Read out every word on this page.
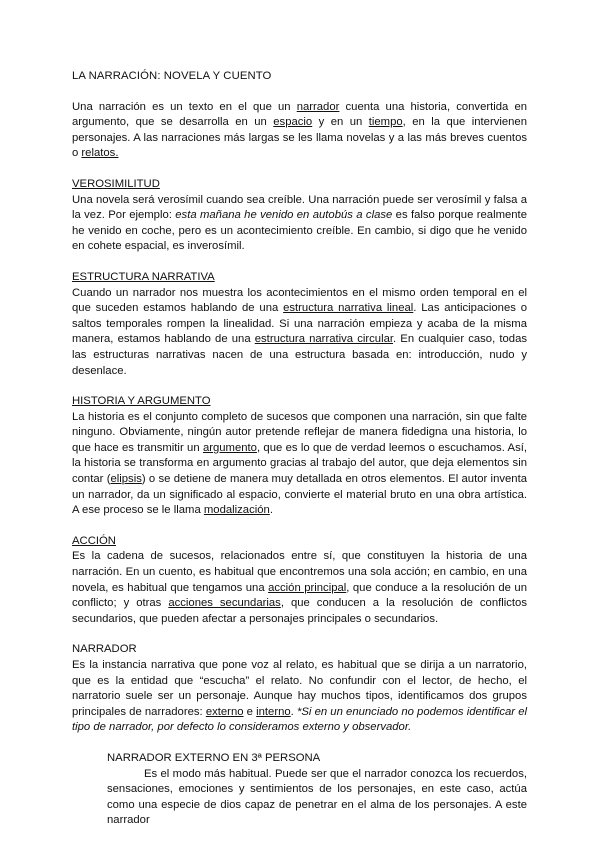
LA NARRACIÓN: NOVELA Y CUENTO

Una narración es un texto en el que un narrador cuenta una historia, convertida en argumento, que se desarrolla en un espacio y en un tiempo, en la que intervienen personajes. A las narraciones más largas se les llama novelas y a las más breves cuentos o relatos.

VEROSIMILITUD

Una novela será verosímil cuando sea creíble. Una narración puede ser verosímil y falsa a la vez. Por ejemplo: esta mañana he venido en autobús a clase es falso porque realmente he venido en coche, pero es un acontecimiento creíble. En cambio, si digo que he venido en cohete espacial, es inverosímil.

ESTRUCTURA NARRATIVA

Cuando un narrador nos muestra los acontecimientos en el mismo orden temporal en el que suceden estamos hablando de una estructura narrativa lineal. Las anticipaciones o saltos temporales rompen la linealidad. Si una narración empieza y acaba de la misma manera, estamos hablando de una estructura narrativa circular. En cualquier caso, todas las estructuras narrativas nacen de una estructura basada en: introducción, nudo y desenlace.

HISTORIA Y ARGUMENTO

La historia es el conjunto completo de sucesos que componen una narración, sin que falte ninguno. Obviamente, ningún autor pretende reflejar de manera fidedigna una historia, lo que hace es transmitir un argumento, que es lo que de verdad leemos o escuchamos. Así, la historia se transforma en argumento gracias al trabajo del autor, que deja elementos sin contar (elipsis) o se detiene de manera muy detallada en otros elementos. El autor inventa un narrador, da un significado al espacio, convierte el material bruto en una obra artística. A ese proceso se le llama modalización.

ACCIÓN

Es la cadena de sucesos, relacionados entre sí, que constituyen la historia de una narración. En un cuento, es habitual que encontremos una sola acción; en cambio, en una novela, es habitual que tengamos una acción principal, que conduce a la resolución de un conflicto; y otras acciones secundarias, que conducen a la resolución de conflictos secundarios, que pueden afectar a personajes principales o secundarios.

NARRADOR

Es la instancia narrativa que pone voz al relato, es habitual que se dirija a un narratorio, que es la entidad que “escucha” el relato. No confundir con el lector, de hecho, el narratorio suele ser un personaje. Aunque hay muchos tipos, identificamos dos grupos principales de narradores: externo e interno. *Si en un enunciado no podemos identificar el tipo de narrador, por defecto lo consideramos externo y observador.

NARRADOR EXTERNO EN 3ª PERSONA

Es el modo más habitual. Puede ser que el narrador conozca los recuerdos, sensaciones, emociones y sentimientos de los personajes, en este caso, actúa como una especie de dios capaz de penetrar en el alma de los personajes. A este narrador
